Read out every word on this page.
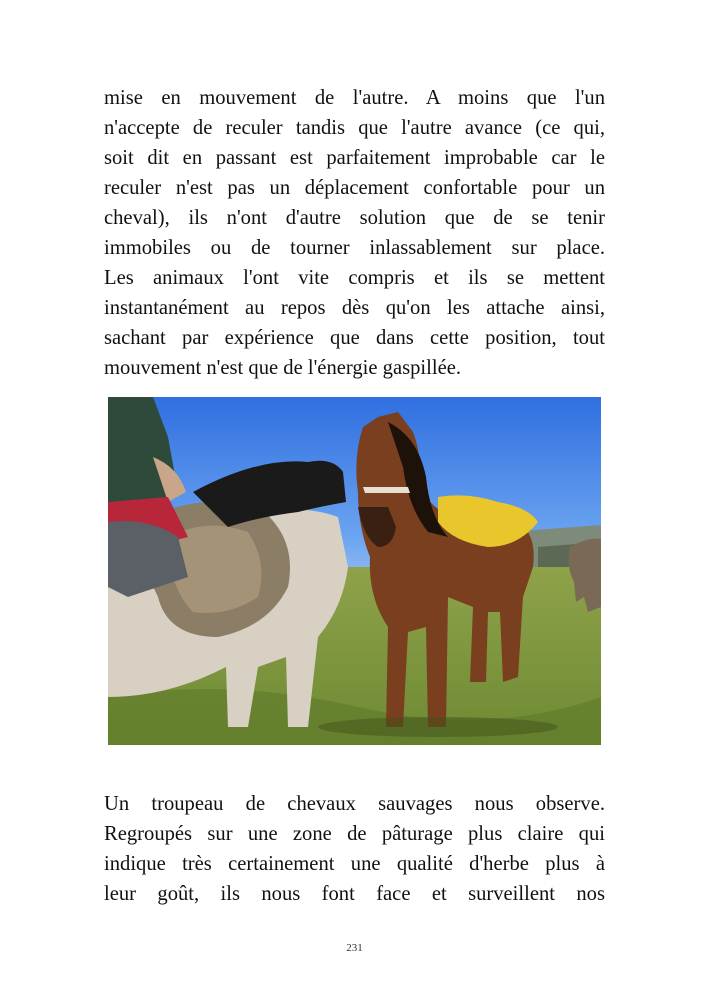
mise en mouvement de l'autre. A moins que l'un
n'accepte de reculer tandis que l'autre avance (ce qui,
soit dit en passant est parfaitement improbable car le
reculer n'est pas un déplacement confortable pour un
cheval), ils n'ont d'autre solution que de se tenir
immobiles ou de tourner inlassablement sur place.
Les animaux l'ont vite compris et ils se mettent
instantanément au repos dès qu'on les attache ainsi,
sachant par expérience que dans cette position, tout
mouvement n'est que de l'énergie gaspillée.
Un troupeau de chevaux sauvages nous observe.
Regroupés sur une zone de pâturage plus claire qui
indique très certainement une qualité d'herbe plus à
leur goût, ils nous font face et surveillent nos
231
